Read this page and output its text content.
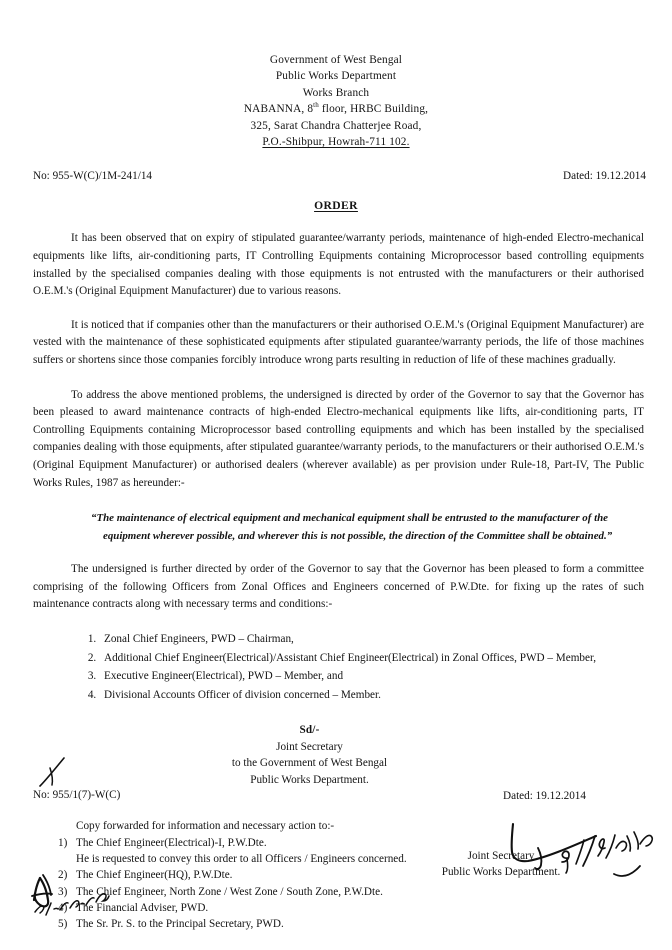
Government of West Bengal
Public Works Department
Works Branch
NABANNA, 8th floor, HRBC Building,
325, Sarat Chandra Chatterjee Road,
P.O.-Shibpur, Howrah-711 102.
No: 955-W(C)/1M-241/14	Dated: 19.12.2014
ORDER

It has been observed that on expiry of stipulated guarantee/warranty periods, maintenance of high-ended Electro-mechanical equipments like lifts, air-conditioning parts, IT Controlling Equipments containing Microprocessor based controlling equipments installed by the specialised companies dealing with those equipments is not entrusted with the manufacturers or their authorised O.E.M.'s (Original Equipment Manufacturer) due to various reasons.

It is noticed that if companies other than the manufacturers or their authorised O.E.M.'s (Original Equipment Manufacturer) are vested with the maintenance of these sophisticated equipments after stipulated guarantee/warranty periods, the life of those machines suffers or shortens since those companies forcibly introduce wrong parts resulting in reduction of life of these machines gradually.

To address the above mentioned problems, the undersigned is directed by order of the Governor to say that the Governor has been pleased to award maintenance contracts of high-ended Electro-mechanical equipments like lifts, air-conditioning parts, IT Controlling Equipments containing Microprocessor based controlling equipments and which has been installed by the specialised companies dealing with those equipments, after stipulated guarantee/warranty periods, to the manufacturers or their authorised O.E.M.'s (Original Equipment Manufacturer) or authorised dealers (wherever available) as per provision under Rule-18, Part-IV, The Public Works Rules, 1987 as hereunder:-

“The maintenance of electrical equipment and mechanical equipment shall be entrusted to the manufacturer of the
equipment wherever possible, and wherever this is not possible, the direction of the Committee shall be obtained.”

The undersigned is further directed by order of the Governor to say that the Governor has been pleased to form a committee comprising of the following Officers from Zonal Offices and Engineers concerned of P.W.Dte. for fixing up the rates of such maintenance contracts along with necessary terms and conditions:-

1. Zonal Chief Engineers, PWD – Chairman,
2. Additional Chief Engineer(Electrical)/Assistant Chief Engineer(Electrical) in Zonal Offices, PWD – Member,
3. Executive Engineer(Electrical), PWD – Member, and
4. Divisional Accounts Officer of division concerned – Member.
Sd/-
Joint Secretary
to the Government of West Bengal
Public Works Department.
Dated: 19.12.2014
No: 955/1(7)-W(C)
Copy forwarded for information and necessary action to:-
1) The Chief Engineer(Electrical)-I, P.W.Dte.
He is requested to convey this order to all Officers / Engineers concerned.
2) The Chief Engineer(HQ), P.W.Dte.
3) The Chief Engineer, North Zone / West Zone / South Zone, P.W.Dte.
4) The Financial Adviser, PWD.
5) The Sr. Pr. S. to the Principal Secretary, PWD.
Joint Secretary
Public Works Department.
